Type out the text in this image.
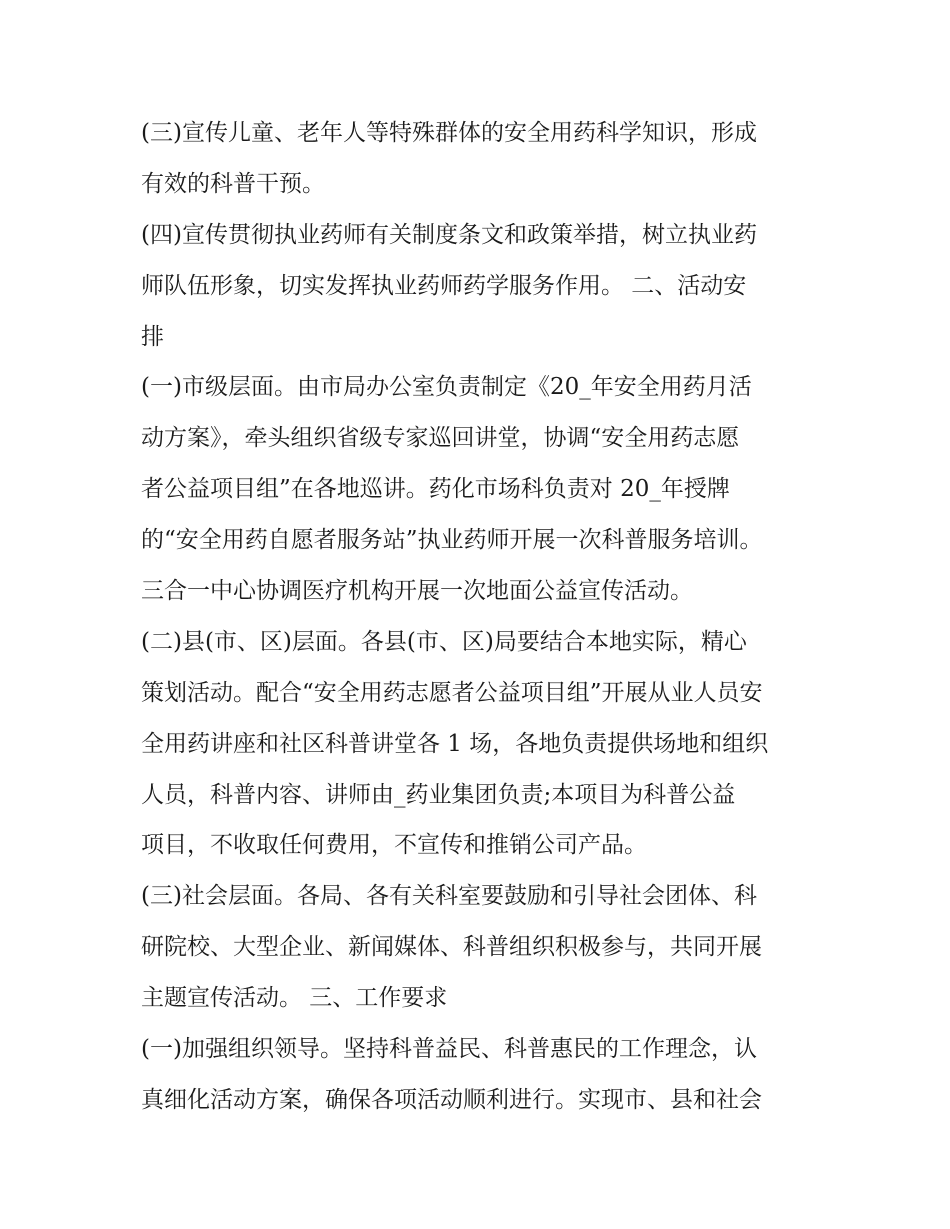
(三)宣传儿童、老年人等特殊群体的安全用药科学知识，形成
有效的科普干预。
(四)宣传贯彻执业药师有关制度条文和政策举措，树立执业药
师队伍形象，切实发挥执业药师药学服务作用。 二、活动安
排
(一)市级层面。由市局办公室负责制定《20_年安全用药月活
动方案》，牵头组织省级专家巡回讲堂，协调“安全用药志愿
者公益项目组”在各地巡讲。药化市场科负责对 20_年授牌
的“安全用药自愿者服务站”执业药师开展一次科普服务培训。
三合一中心协调医疗机构开展一次地面公益宣传活动。
(二)县(市、区)层面。各县(市、区)局要结合本地实际，精心
策划活动。配合“安全用药志愿者公益项目组”开展从业人员安
全用药讲座和社区科普讲堂各 1 场，各地负责提供场地和组织
人员，科普内容、讲师由_药业集团负责;本项目为科普公益
项目，不收取任何费用，不宣传和推销公司产品。
(三)社会层面。各局、各有关科室要鼓励和引导社会团体、科
研院校、大型企业、新闻媒体、科普组织积极参与，共同开展
主题宣传活动。 三、工作要求
(一)加强组织领导。坚持科普益民、科普惠民的工作理念，认
真细化活动方案，确保各项活动顺利进行。实现市、县和社会
